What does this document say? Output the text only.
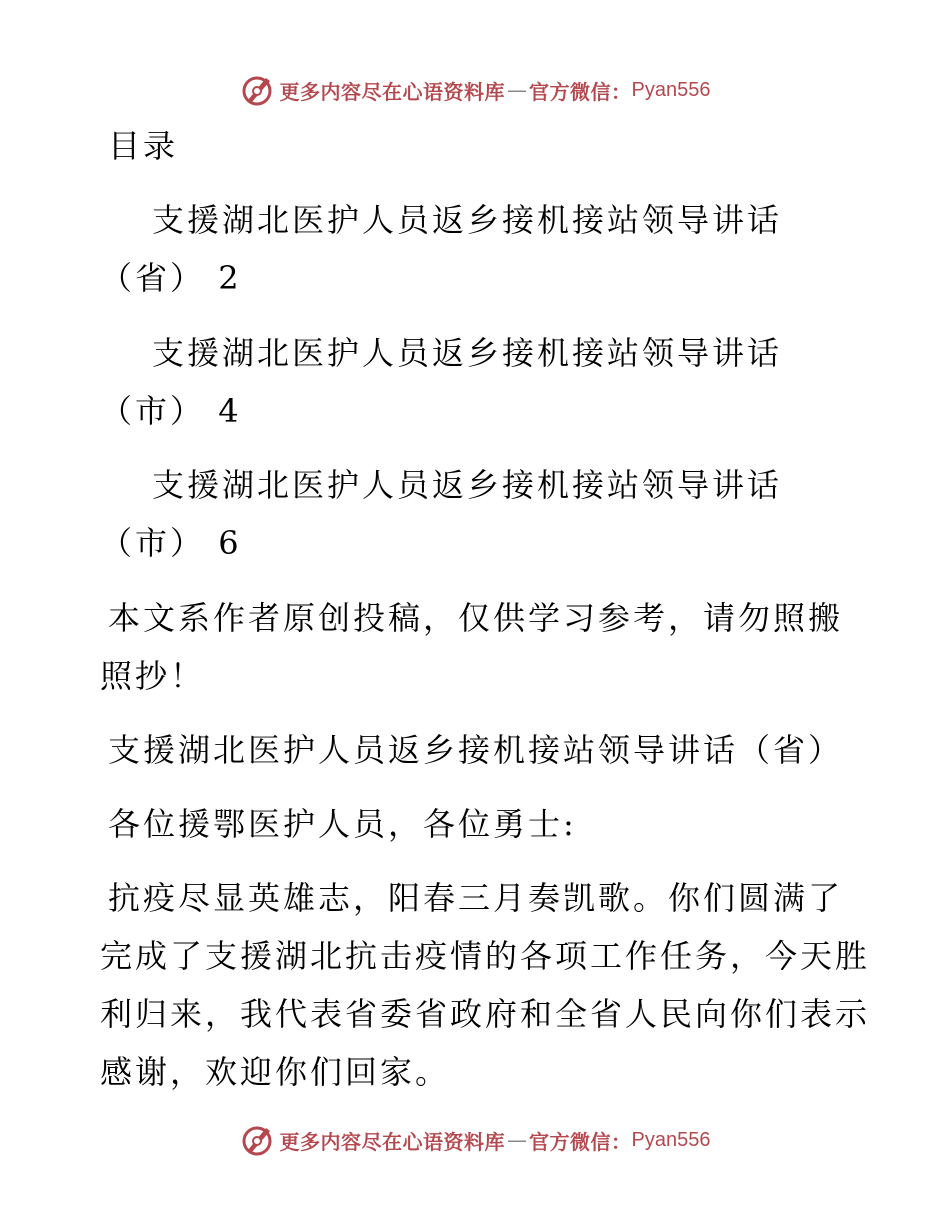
更多内容尽在心语资料库 — 官方微信： Pyan556
目录
支援湖北医护人员返乡接机接站领导讲话
（省） 2
支援湖北医护人员返乡接机接站领导讲话
（市） 4
支援湖北医护人员返乡接机接站领导讲话
（市） 6
本文系作者原创投稿，仅供学习参考，请勿照搬
照抄！
支援湖北医护人员返乡接机接站领导讲话（省）
各位援鄂医护人员，各位勇士:
抗疫尽显英雄志，阳春三月奏凯歌。你们圆满了
完成了支援湖北抗击疫情的各项工作任务，今天胜
利归来，我代表省委省政府和全省人民向你们表示
感谢，欢迎你们回家。
更多内容尽在心语资料库 — 官方微信： Pyan556
